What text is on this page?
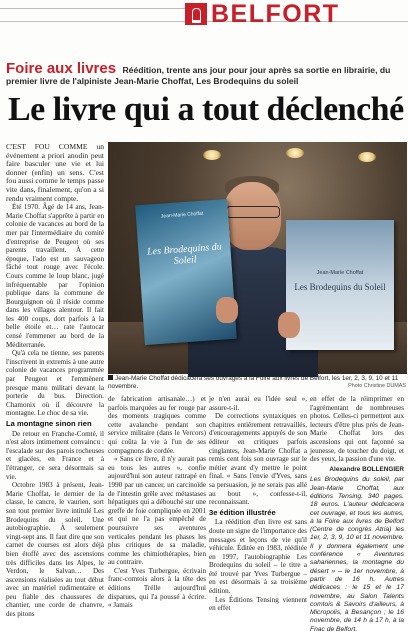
BELFORT
Foire aux livres Réédition, trente ans jour pour jour après sa sortie en librairie, du premier livre de l'alpiniste Jean-Marie Choffat, Les Brodequins du soleil
Le livre qui a tout déclenché

C'EST FOU COMME un événement a priori anodin peut faire basculer une vie et lui donner (enfin) un sens. C'est fou aussi comme le temps passe vite dans, finalement, qu'on a si rendu vraiment compte.

Été 1970. Âgé de 14 ans, Jean-Marie Choffat s'apprête à partir en colonie de vacances au bord de la mer par l'intermédiaire du comité d'entreprise de Peugeot où ses parents travaillent. À cette époque, l'ado est un sauvageon fâché tout rouge avec l'école. Cours comme le loup blanc, jugé infréquentable par l'opinion publique dans la commune de Bourguignon où il réside comme dans les villages alentour. Il fait les 400 coups, dort parfois à la belle étoile et… rate l'autocar censé l'emmener au bord de la Méditerranée.

Qu'à cela ne tienne, ses parents l'inscrivent in extremis à une autre colonie de vacances programmée par Peugeot et l'emmènent presque manu militari devant la porterie du bus. Direction. Chamonix où il découvre la montagne. Le choc de sa vie.

La montagne sinon rien

De retour en Franche-Comté, il n'est alors intimement convaincu : l'escalade sur des parois rocheuses et glacées, en France et à l'étranger, ce sera désormais sa vie.

Octobre 1983 à présent, Jean-Marie Choffat, le dernier de la classe, le cancre, le vaurien, sort son tout premier livre intitulé Les Brodequins du soleil. Une autobiographie. À seulement vingt-sept ans. Il faut dire que son carnet de courses est alors déjà bien étoffé avec des ascensions très difficiles dans les Alpes, le Verdon, le Salvan… Des ascensions réalisées au tout début avec un matériel rudimentaire et peu fiable des chaussures de chantier, une corde de chanvre, des pitons

Jean-Marie Choffat
Les Brodequins du Soleil
Jean-Marie Choffat
Les Brodequins du Soleil
Jean-Marie Choffat dédicacera ses ouvrages à la Foire aux livres de Belfort, les 1er, 2, 3, 9, 10 et 11 novembre.	Photo Christine DUMAS

de fabrication artisanale…) et parfois marquées au fer rouge par des moments tragiques comme cette avalanche pendant son service militaire (dans le Vercors) qui coûta la vie à l'un de ses compagnons de cordée.

« Sans ce livre, il n'y aurait pas eu tous les autres », confie aujourd'hui son auteur rattrapé en 1990 par un cancer, un carcinoïde de l'intestin grêle avec métastases hépatiques qui a débouché sur une greffe de foie compliquée en 2001 et qui ne l'a pas empêché de poursuivre ses aventures verticales pendant les phases les plus critiques de sa maladie, comme les chimiothérapies, bien au contraire.

C'est Yves Turbergue, écrivain franc-comtois alors à la tête des éditions Trélle aujourd'hui disparues, qui l'a poussé à écrire. « Jamais

je n'en aurai eu l'idée seul », assure-t-il.

De corrections syntaxiques en chapitres entièrement retravaillés, d'encouragements appuyés de son éditeur en critiques parfois cinglantes, Jean-Marie Choffat a remis cent fois son ouvrage sur le métier avant d'y mettre le point final. « Sans l'envie d'Yves, sans sa persuasion, je ne serais pas allé au bout », confesse-t-il, reconnaissant.

3e édition illustrée

La réédition d'un livre est sans doute un signe de l'importance des messages et leçons de vie qu'il véhicule. Éditée en 1983, rééditée en 1997, l'autobiographie Les Brodequins du soleil – le titre a été trouvé par Yves Turbergue – en est désormais à sa troisième édition.

Les Éditions Tensing viennent en effet

en effet de la réimprimer en l'agrémentant de nombreuses photos. Celles-ci permettent aux lecteurs d'être plus près de Jean-Marie Choffat lors des ascensions qui ont façonné sa jeunesse, de toucher du doigt, et des yeux, la passion d'une vie.

Alexandre BOLLENGIER

Les Brodequins du soleil, par Jean-Marie Choffat, aux éditions Tensing. 340 pages. 18 euros. L'auteur dédicacera cet ouvrage, et tous les autres, à la Foire aux livres de Belfort (Centre de congrès Atria) les 1er, 2, 3, 9, 10 et 11 novembre. Il y donnera également une conférence « Aventures sahariennes, la montagne du désert » – le 1er novembre, à partir de 16 h. Autres dédicaces : le 15 et le 17 novembre, au Salon Talents comtois & Savoirs d'ailleurs, à Micropolis, à Besançon ; le 16 novembre, de 14 h à 17 h, à la Fnac de Belfort.
